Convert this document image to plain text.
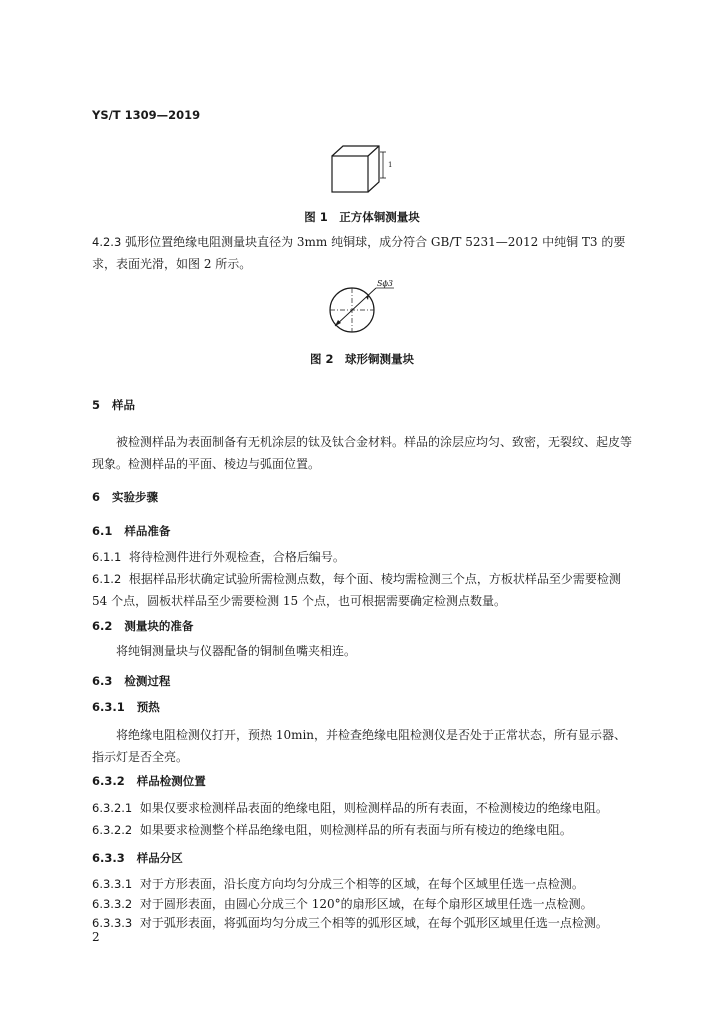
YS/T 1309—2019
1
图 1　正方体铜测量块
4.2.3 弧形位置绝缘电阻测量块直径为 3mm 纯铜球，成分符合 GB/T 5231—2012 中纯铜 T3 的要求，表面光滑，如图 2 所示。
Sϕ3
图 2　球形铜测量块
5 样品
被检测样品为表面制备有无机涂层的钛及钛合金材料。样品的涂层应均匀、致密，无裂纹、起皮等现象。检测样品的平面、棱边与弧面位置。
6 实验步骤
6.1 样品准备
6.1.1 将待检测件进行外观检查，合格后编号。
6.1.2 根据样品形状确定试验所需检测点数，每个面、棱均需检测三个点，方板状样品至少需要检测 54 个点，圆板状样品至少需要检测 15 个点，也可根据需要确定检测点数量。
6.2 测量块的准备
将纯铜测量块与仪器配备的铜制鱼嘴夹相连。
6.3 检测过程
6.3.1 预热
将绝缘电阻检测仪打开，预热 10min，并检查绝缘电阻检测仪是否处于正常状态，所有显示器、指示灯是否全亮。
6.3.2 样品检测位置
6.3.2.1 如果仅要求检测样品表面的绝缘电阻，则检测样品的所有表面，不检测棱边的绝缘电阻。
6.3.2.2 如果要求检测整个样品绝缘电阻，则检测样品的所有表面与所有棱边的绝缘电阻。
6.3.3 样品分区
6.3.3.1 对于方形表面，沿长度方向均匀分成三个相等的区域，在每个区域里任选一点检测。
6.3.3.2 对于圆形表面，由圆心分成三个 120°的扇形区域，在每个扇形区域里任选一点检测。
6.3.3.3 对于弧形表面，将弧面均匀分成三个相等的弧形区域，在每个弧形区域里任选一点检测。
2
